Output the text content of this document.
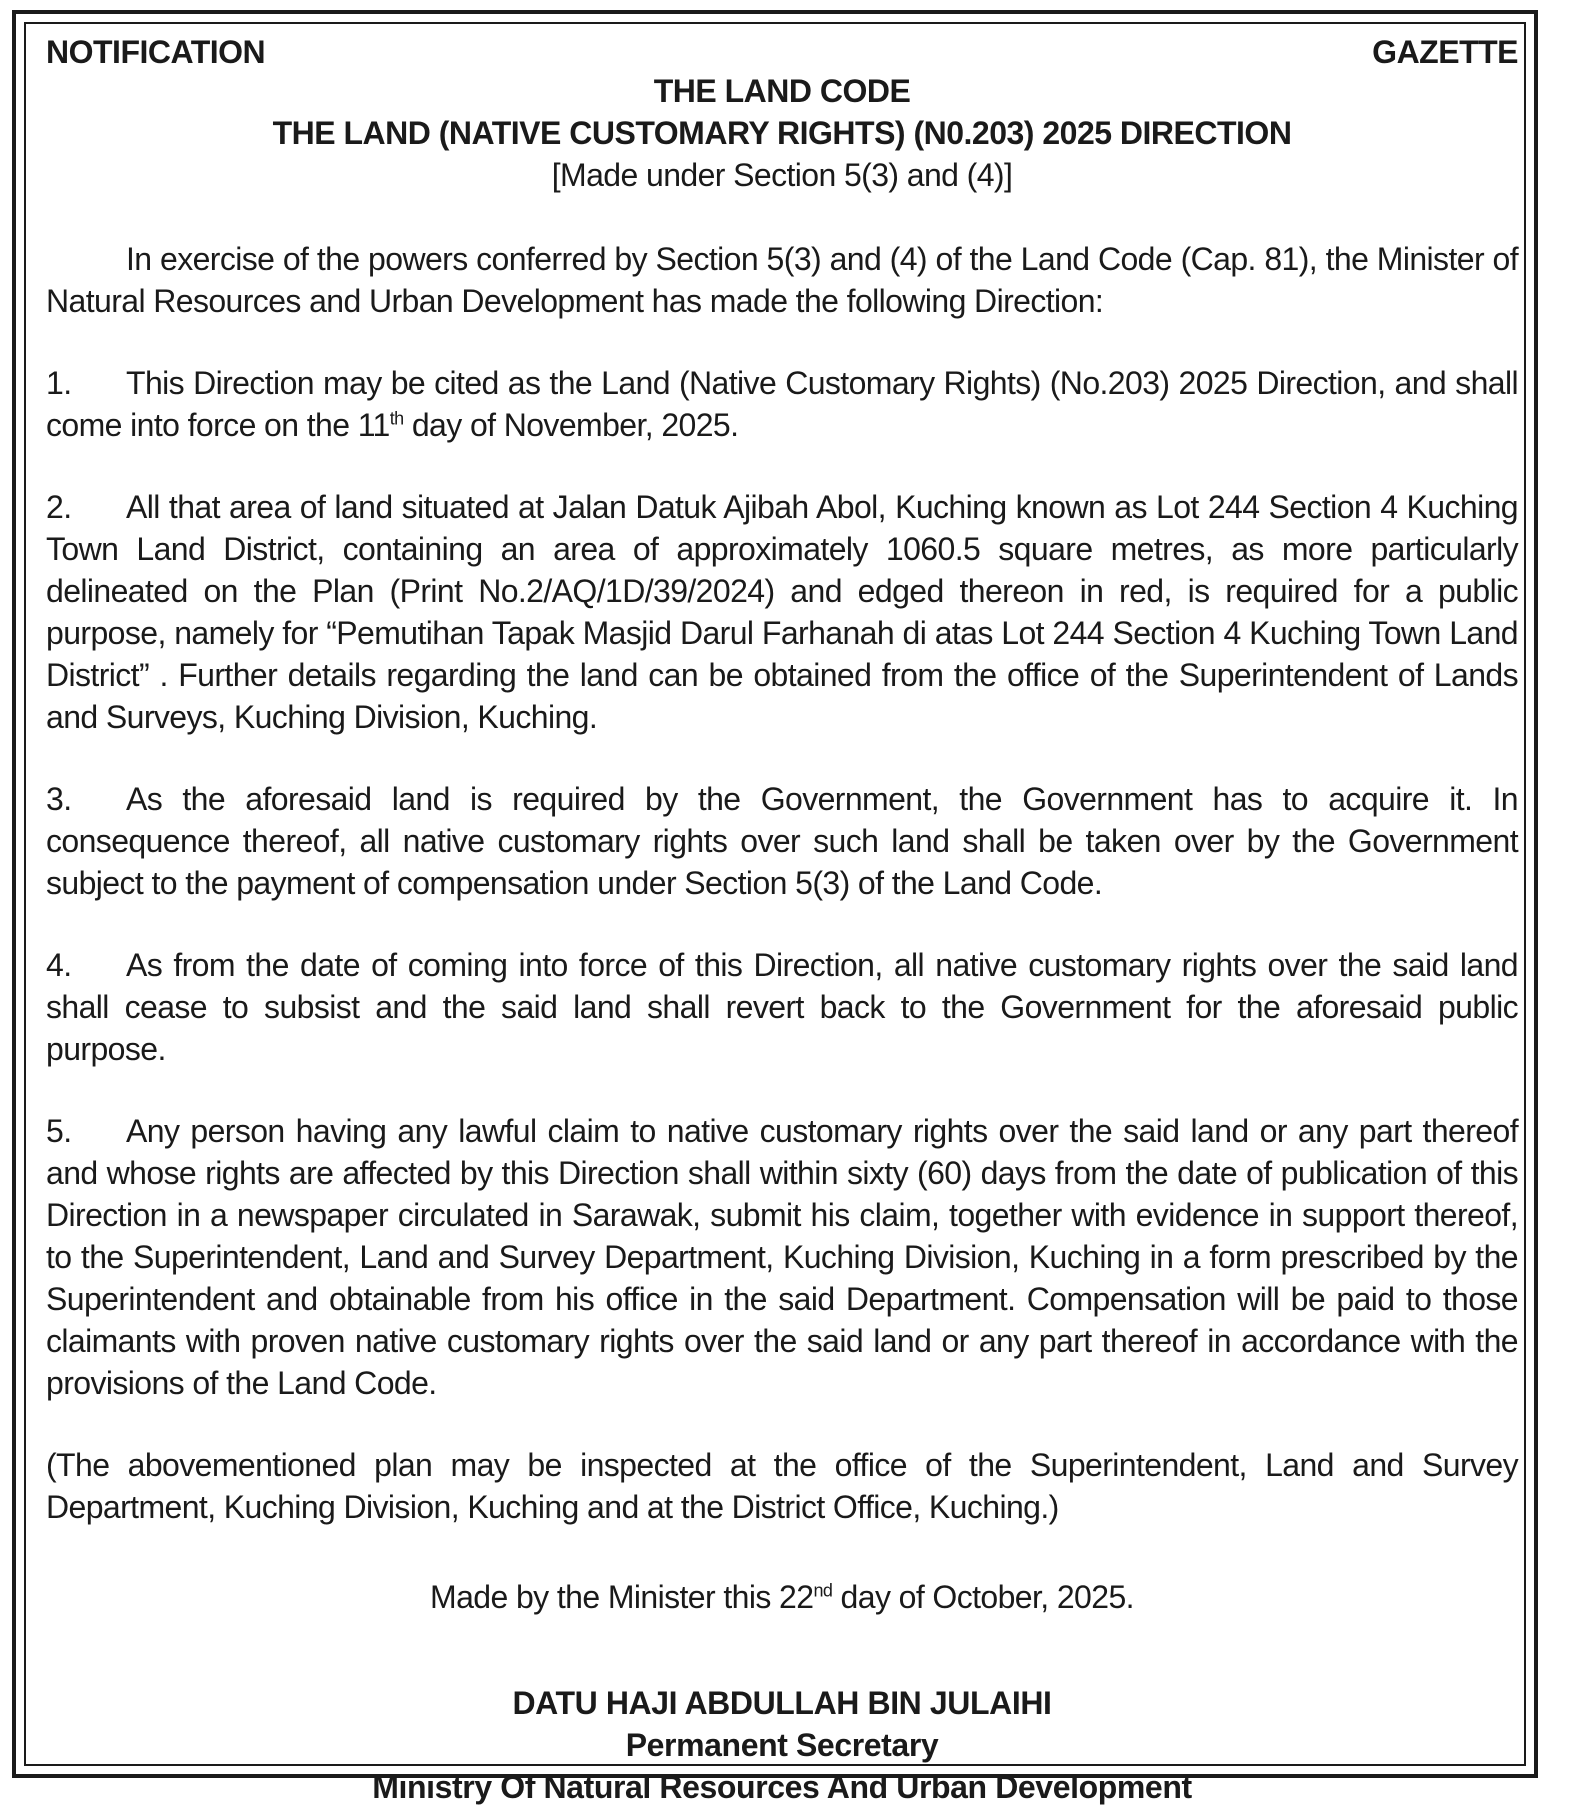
NOTIFICATION	GAZETTE
THE LAND CODE
THE LAND (NATIVE CUSTOMARY RIGHTS) (N0.203) 2025 DIRECTION
[Made under Section 5(3) and (4)]
In exercise of the powers conferred by Section 5(3) and (4) of the Land Code (Cap. 81), the Minister of Natural Resources and Urban Development has made the following Direction:
1. This Direction may be cited as the Land (Native Customary Rights) (No.203) 2025 Direction, and shall come into force on the 11th day of November, 2025.
2. All that area of land situated at Jalan Datuk Ajibah Abol, Kuching known as Lot 244 Section 4 Kuching Town Land District, containing an area of approximately 1060.5 square metres, as more particularly delineated on the Plan (Print No.2/AQ/1D/39/2024) and edged thereon in red, is required for a public purpose, namely for “Pemutihan Tapak Masjid Darul Farhanah di atas Lot 244 Section 4 Kuching Town Land District” . Further details regarding the land can be obtained from the office of the Superintendent of Lands and Surveys, Kuching Division, Kuching.
3. As the aforesaid land is required by the Government, the Government has to acquire it. In consequence thereof, all native customary rights over such land shall be taken over by the Government subject to the payment of compensation under Section 5(3) of the Land Code.
4. As from the date of coming into force of this Direction, all native customary rights over the said land shall cease to subsist and the said land shall revert back to the Government for the aforesaid public purpose.
5. Any person having any lawful claim to native customary rights over the said land or any part thereof and whose rights are affected by this Direction shall within sixty (60) days from the date of publication of this Direction in a newspaper circulated in Sarawak, submit his claim, together with evidence in support thereof, to the Superintendent, Land and Survey Department, Kuching Division, Kuching in a form prescribed by the Superintendent and obtainable from his office in the said Department. Compensation will be paid to those claimants with proven native customary rights over the said land or any part thereof in accordance with the provisions of the Land Code.
(The abovementioned plan may be inspected at the office of the Superintendent, Land and Survey Department, Kuching Division, Kuching and at the District Office, Kuching.)
Made by the Minister this 22nd day of October, 2025.
DATU HAJI ABDULLAH BIN JULAIHI
Permanent Secretary
Ministry Of Natural Resources And Urban Development
